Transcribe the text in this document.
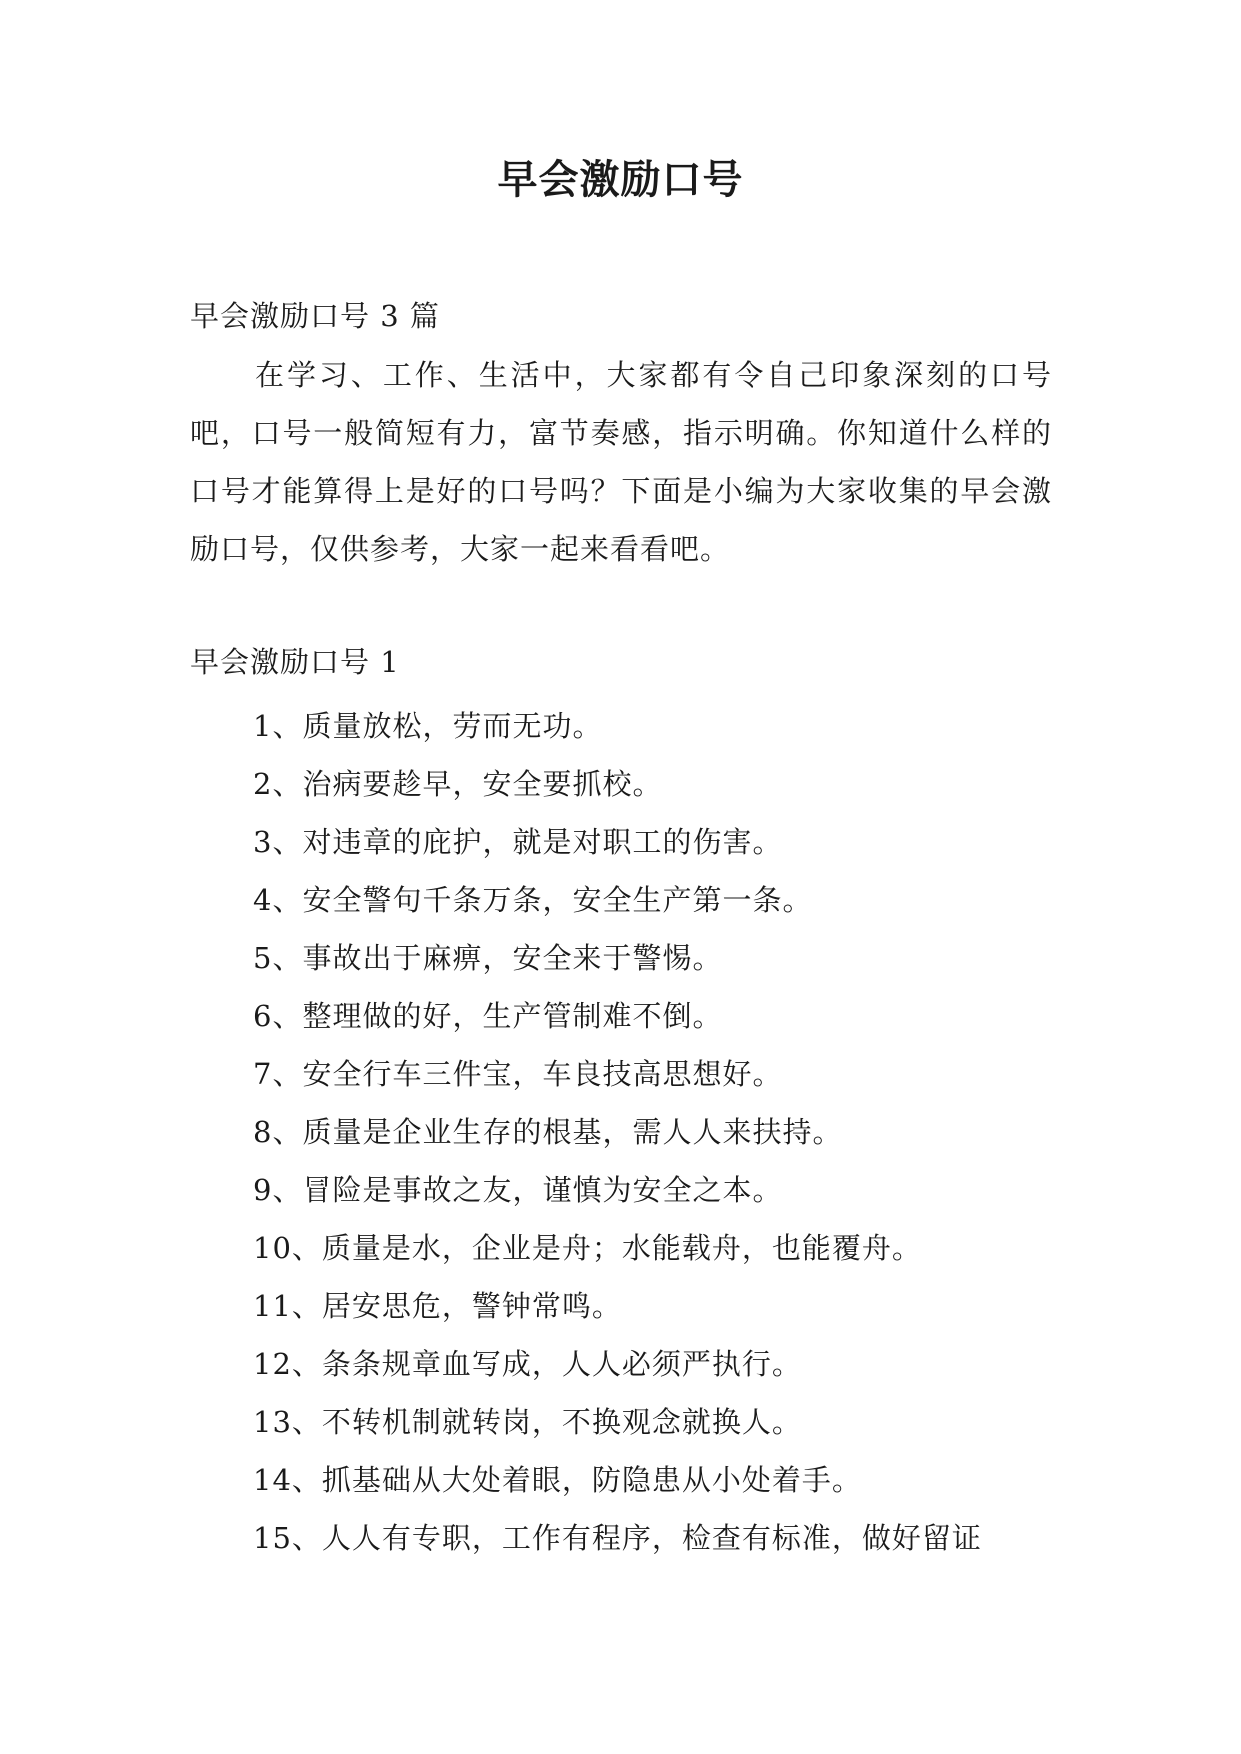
早会激励口号

早会激励口号 3 篇

在学习、工作、生活中，大家都有令自己印象深刻的口号吧，口号一般简短有力，富节奏感，指示明确。你知道什么样的口号才能算得上是好的口号吗？下面是小编为大家收集的早会激励口号，仅供参考，大家一起来看看吧。

早会激励口号 1

1、质量放松，劳而无功。
2、治病要趁早，安全要抓校。
3、对违章的庇护，就是对职工的伤害。
4、安全警句千条万条，安全生产第一条。
5、事故出于麻痹，安全来于警惕。
6、整理做的好，生产管制难不倒。
7、安全行车三件宝，车良技高思想好。
8、质量是企业生存的根基，需人人来扶持。
9、冒险是事故之友，谨慎为安全之本。
10、质量是水，企业是舟；水能载舟，也能覆舟。
11、居安思危，警钟常鸣。
12、条条规章血写成，人人必须严执行。
13、不转机制就转岗，不换观念就换人。
14、抓基础从大处着眼，防隐患从小处着手。
15、人人有专职，工作有程序，检查有标准，做好留证
